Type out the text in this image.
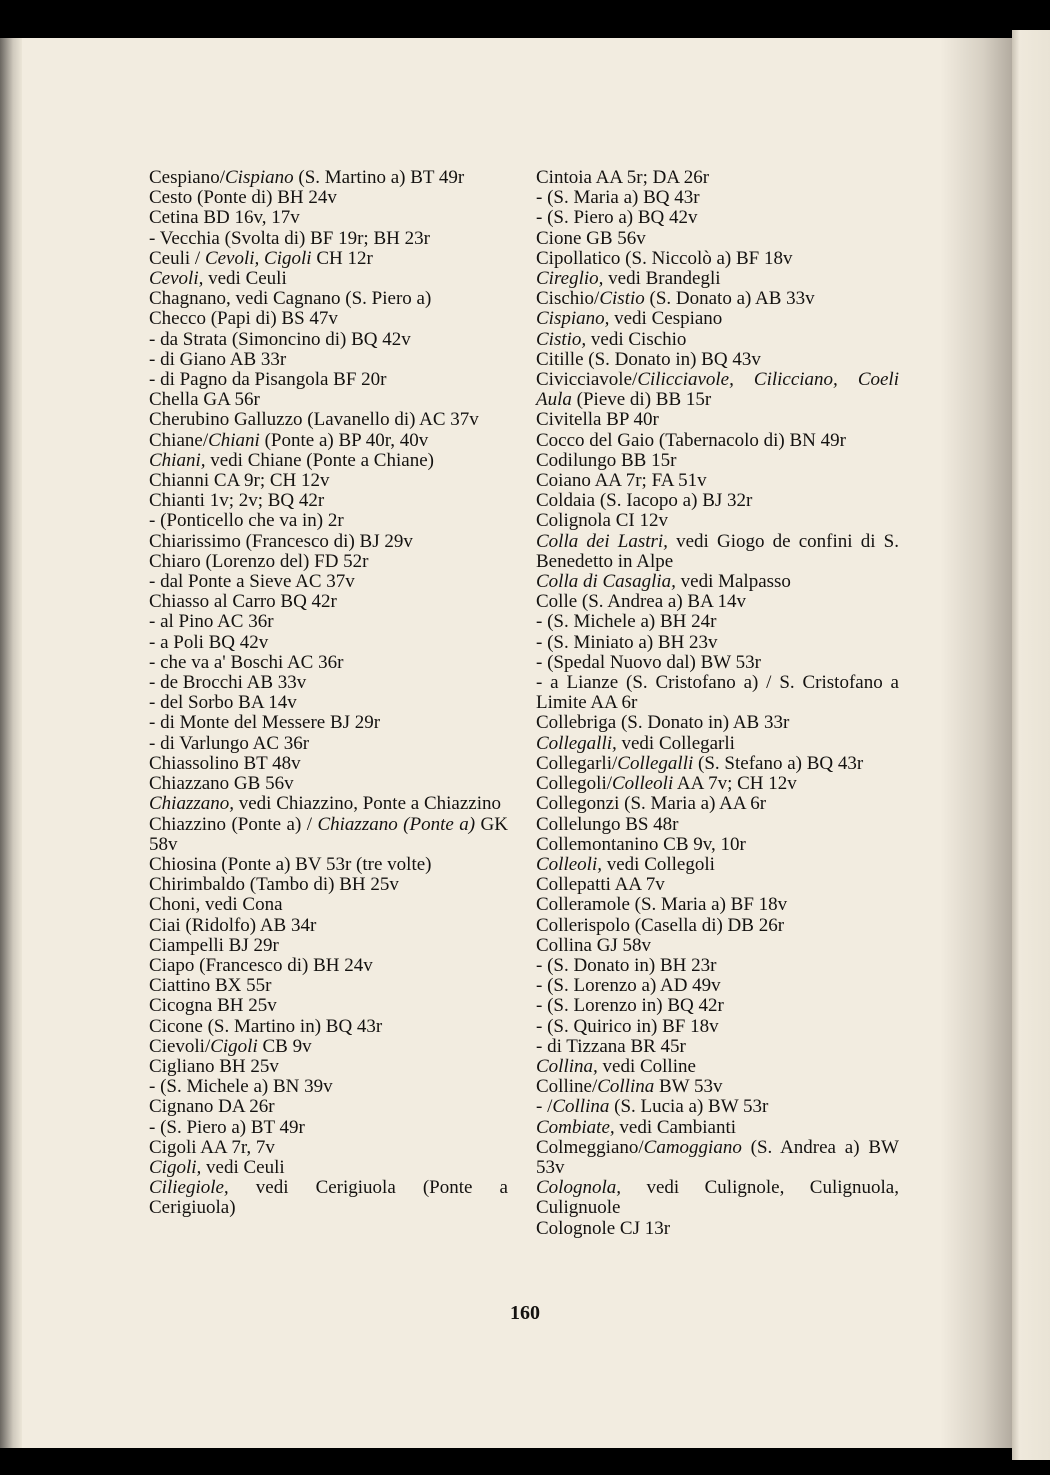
Cespiano/Cispiano (S. Martino a) BT 49r
Cesto (Ponte di) BH 24v
Cetina BD 16v, 17v
- Vecchia (Svolta di) BF 19r; BH 23r
Ceuli / Cevoli, Cigoli CH 12r
Cevoli, vedi Ceuli
Chagnano, vedi Cagnano (S. Piero a)
Checco (Papi di) BS 47v
- da Strata (Simoncino di) BQ 42v
- di Giano AB 33r
- di Pagno da Pisangola BF 20r
Chella GA 56r
Cherubino Galluzzo (Lavanello di) AC 37v
Chiane/Chiani (Ponte a) BP 40r, 40v
Chiani, vedi Chiane (Ponte a Chiane)
Chianni CA 9r; CH 12v
Chianti 1v; 2v; BQ 42r
- (Ponticello che va in) 2r
Chiarissimo (Francesco di) BJ 29v
Chiaro (Lorenzo del) FD 52r
- dal Ponte a Sieve AC 37v
Chiasso al Carro BQ 42r
- al Pino AC 36r
- a Poli BQ 42v
- che va a' Boschi AC 36r
- de Brocchi AB 33v
- del Sorbo BA 14v
- di Monte del Messere BJ 29r
- di Varlungo AC 36r
Chiassolino BT 48v
Chiazzano GB 56v
Chiazzano, vedi Chiazzino, Ponte a Chiazzino
Chiazzino (Ponte a) / Chiazzano (Ponte a) GK 58v
Chiosina (Ponte a) BV 53r (tre volte)
Chirimbaldo (Tambo di) BH 25v
Choni, vedi Cona
Ciai (Ridolfo) AB 34r
Ciampelli BJ 29r
Ciapo (Francesco di) BH 24v
Ciattino BX 55r
Cicogna BH 25v
Cicone (S. Martino in) BQ 43r
Cievoli/Cigoli CB 9v
Cigliano BH 25v
- (S. Michele a) BN 39v
Cignano DA 26r
- (S. Piero a) BT 49r
Cigoli AA 7r, 7v
Cigoli, vedi Ceuli
Ciliegiole, vedi Cerigiuola (Ponte a Cerigiuola)
Cintoia AA 5r; DA 26r
- (S. Maria a) BQ 43r
- (S. Piero a) BQ 42v
Cione GB 56v
Cipollatico (S. Niccolò a) BF 18v
Cireglio, vedi Brandegli
Cischio/Cistio (S. Donato a) AB 33v
Cispiano, vedi Cespiano
Cistio, vedi Cischio
Citille (S. Donato in) BQ 43v
Civicciavole/Cilicciavole, Cilicciano, Coeli Aula (Pieve di) BB 15r
Civitella BP 40r
Cocco del Gaio (Tabernacolo di) BN 49r
Codilungo BB 15r
Coiano AA 7r; FA 51v
Coldaia (S. Iacopo a) BJ 32r
Colignola CI 12v
Colla dei Lastri, vedi Giogo de confini di S. Benedetto in Alpe
Colla di Casaglia, vedi Malpasso
Colle (S. Andrea a) BA 14v
- (S. Michele a) BH 24r
- (S. Miniato a) BH 23v
- (Spedal Nuovo dal) BW 53r
- a Lianze (S. Cristofano a) / S. Cristofano a Limite AA 6r
Collebriga (S. Donato in) AB 33r
Collegalli, vedi Collegarli
Collegarli/Collegalli (S. Stefano a) BQ 43r
Collegoli/Colleoli AA 7v; CH 12v
Collegonzi (S. Maria a) AA 6r
Collelungo BS 48r
Collemontanino CB 9v, 10r
Colleoli, vedi Collegoli
Collepatti AA 7v
Colleramole (S. Maria a) BF 18v
Collerispolo (Casella di) DB 26r
Collina GJ 58v
- (S. Donato in) BH 23r
- (S. Lorenzo a) AD 49v
- (S. Lorenzo in) BQ 42r
- (S. Quirico in) BF 18v
- di Tizzana BR 45r
Collina, vedi Colline
Colline/Collina BW 53v
- /Collina (S. Lucia a) BW 53r
Combiate, vedi Cambianti
Colmeggiano/Camoggiano (S. Andrea a) BW 53v
Colognola, vedi Culignole, Culignuola, Culignuole
Colognole CJ 13r
160
